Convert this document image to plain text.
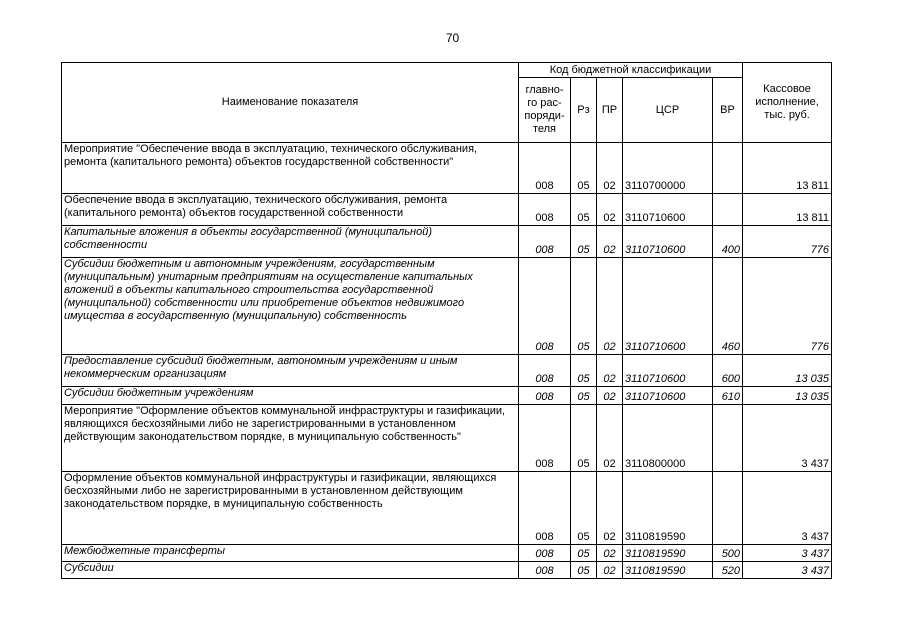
70
Наименование показателя	Код бюджетной классификации					Кассовое исполнение, тыс. руб.
	главно-го рас-поряди-теля	Рз	ПР	ЦСР	ВР	
Мероприятие "Обеспечение ввода в эксплуатацию, технического обслуживания, ремонта (капитального ремонта) объектов государственной собственности"	008	05	02	3110700000		13 811
Обеспечение ввода в эксплуатацию, технического обслуживания, ремонта (капитального ремонта) объектов государственной собственности	008	05	02	3110710600		13 811
Капитальные вложения в объекты государственной (муниципальной) собственности	008	05	02	3110710600	400	776
Субсидии бюджетным и автономным учреждениям, государственным (муниципальным) унитарным предприятиям на осуществление капитальных вложений в объекты капитального строительства государственной (муниципальной) собственности или приобретение объектов недвижимого имущества в государственную (муниципальную) собственность	008	05	02	3110710600	460	776
Предоставление субсидий бюджетным, автономным учреждениям и иным некоммерческим организациям	008	05	02	3110710600	600	13 035
Субсидии бюджетным учреждениям	008	05	02	3110710600	610	13 035
Мероприятие "Оформление объектов коммунальной инфраструктуры и газификации, являющихся бесхозяйными либо не зарегистрированными в установленном действующим законодательством порядке, в муниципальную собственность"	008	05	02	3110800000		3 437
Оформление объектов коммунальной инфраструктуры и газификации, являющихся бесхозяйными либо не зарегистрированными в установленном действующим законодательством порядке, в муниципальную собственность	008	05	02	3110819590		3 437
Межбюджетные трансферты	008	05	02	3110819590	500	3 437
Субсидии	008	05	02	3110819590	520	3 437
